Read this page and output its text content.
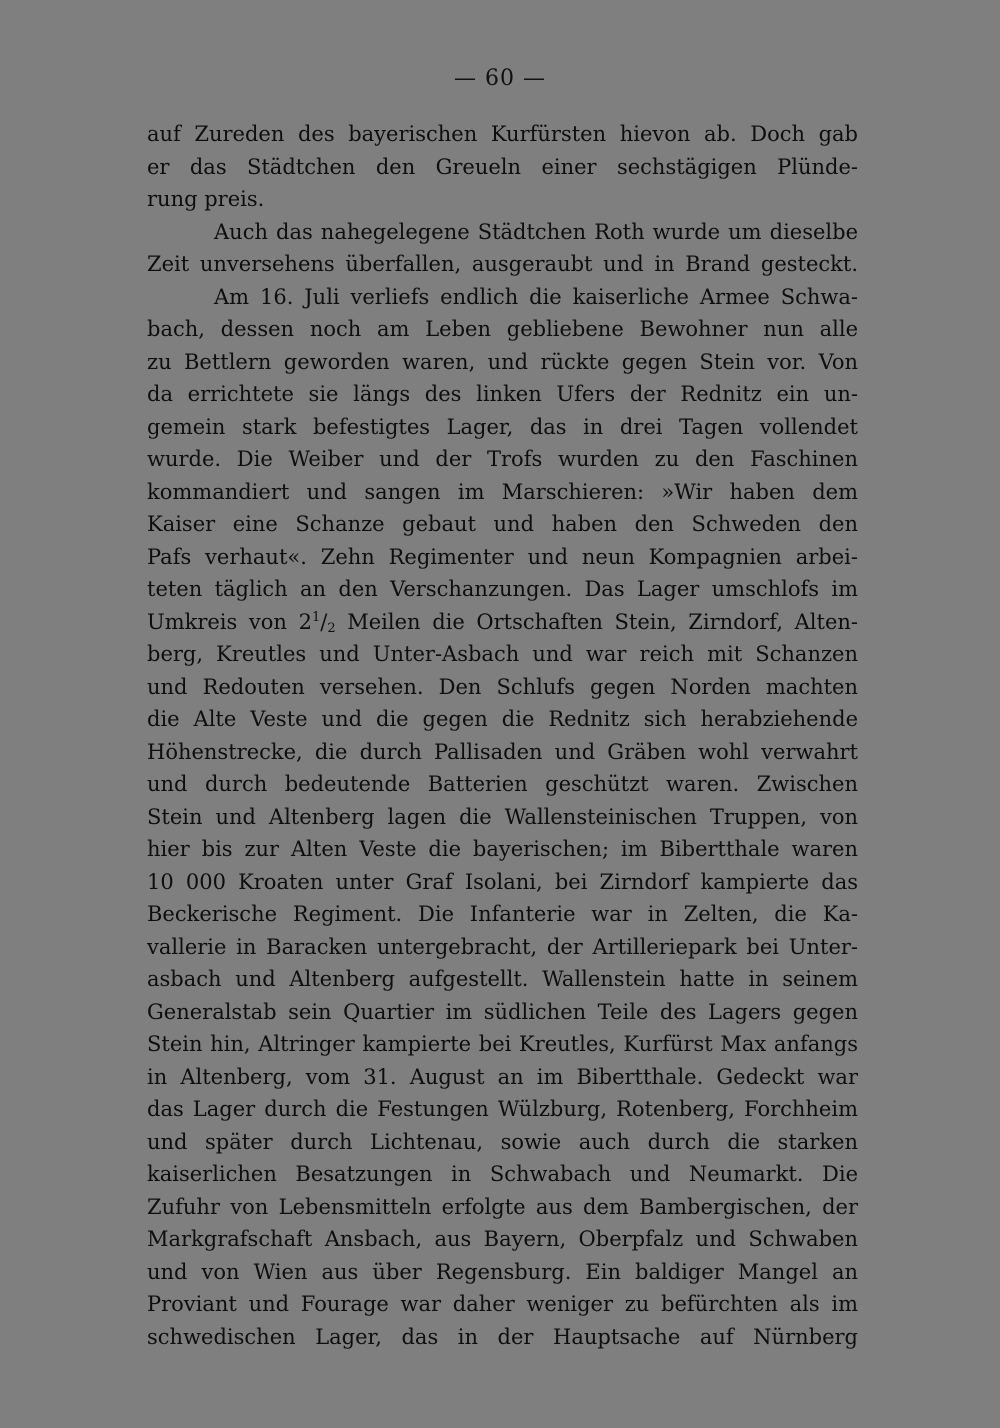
— 60 —
auf Zureden des bayerischen Kurfürsten hievon ab. Doch gab
er das Städtchen den Greueln einer sechstägigen Plünde-
rung preis.
Auch das nahegelegene Städtchen Roth wurde um dieselbe
Zeit unversehens überfallen, ausgeraubt und in Brand gesteckt.
Am 16. Juli verliefs endlich die kaiserliche Armee Schwa-
bach, dessen noch am Leben gebliebene Bewohner nun alle
zu Bettlern geworden waren, und rückte gegen Stein vor. Von
da errichtete sie längs des linken Ufers der Rednitz ein un-
gemein stark befestigtes Lager, das in drei Tagen vollendet
wurde. Die Weiber und der Trofs wurden zu den Faschinen
kommandiert und sangen im Marschieren: »Wir haben dem
Kaiser eine Schanze gebaut und haben den Schweden den
Pafs verhaut«. Zehn Regimenter und neun Kompagnien arbei-
teten täglich an den Verschanzungen. Das Lager umschlofs im
Umkreis von $2^1/_2$ Meilen die Ortschaften Stein, Zirndorf, Alten-
berg, Kreutles und Unter-Asbach und war reich mit Schanzen
und Redouten versehen. Den Schlufs gegen Norden machten
die Alte Veste und die gegen die Rednitz sich herabziehende
Höhenstrecke, die durch Pallisaden und Gräben wohl verwahrt
und durch bedeutende Batterien geschützt waren. Zwischen
Stein und Altenberg lagen die Wallensteinischen Truppen, von
hier bis zur Alten Veste die bayerischen; im Bibertthale waren
10 000 Kroaten unter Graf Isolani, bei Zirndorf kampierte das
Beckerische Regiment. Die Infanterie war in Zelten, die Ka-
vallerie in Baracken untergebracht, der Artilleriepark bei Unter-
asbach und Altenberg aufgestellt. Wallenstein hatte in seinem
Generalstab sein Quartier im südlichen Teile des Lagers gegen
Stein hin, Altringer kampierte bei Kreutles, Kurfürst Max anfangs
in Altenberg, vom 31. August an im Bibertthale. Gedeckt war
das Lager durch die Festungen Wülzburg, Rotenberg, Forchheim
und später durch Lichtenau, sowie auch durch die starken
kaiserlichen Besatzungen in Schwabach und Neumarkt. Die
Zufuhr von Lebensmitteln erfolgte aus dem Bambergischen, der
Markgrafschaft Ansbach, aus Bayern, Oberpfalz und Schwaben
und von Wien aus über Regensburg. Ein baldiger Mangel an
Proviant und Fourage war daher weniger zu befürchten als im
schwedischen Lager, das in der Hauptsache auf Nürnberg
